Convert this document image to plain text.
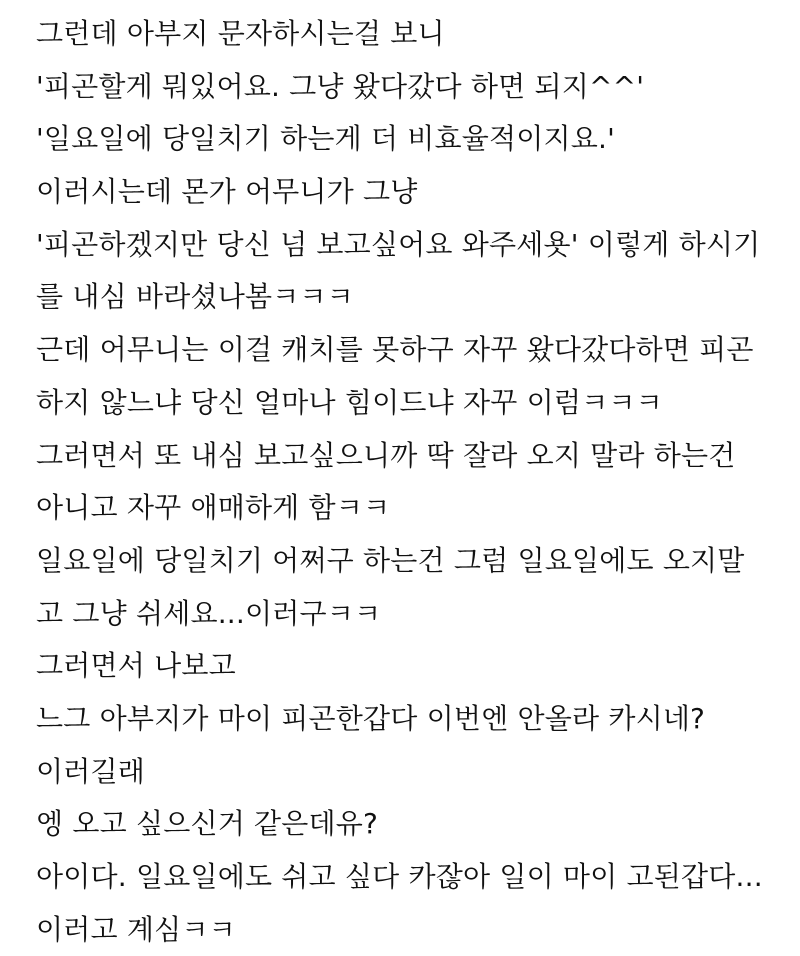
그런데 아부지 문자하시는걸 보니
'피곤할게 뭐있어요. 그냥 왔다갔다 하면 되지^^'
'일요일에 당일치기 하는게 더 비효율적이지요.'
이러시는데 몬가 어무니가 그냥
'피곤하겠지만 당신 넘 보고싶어요 와주세욧' 이렇게 하시기
를 내심 바라셨나봄ㅋㅋㅋ
근데 어무니는 이걸 캐치를 못하구 자꾸 왔다갔다하면 피곤
하지 않느냐 당신 얼마나 힘이드냐 자꾸 이럼ㅋㅋㅋ
그러면서 또 내심 보고싶으니까 딱 잘라 오지 말라 하는건
아니고 자꾸 애매하게 함ㅋㅋ
일요일에 당일치기 어쩌구 하는건 그럼 일요일에도 오지말
고 그냥 쉬세요...이러구ㅋㅋ
그러면서 나보고
느그 아부지가 마이 피곤한갑다 이번엔 안올라 카시네?
이러길래
엥 오고 싶으신거 같은데유?
아이다. 일요일에도 쉬고 싶다 카잖아 일이 마이 고된갑다...
이러고 계심ㅋㅋ
